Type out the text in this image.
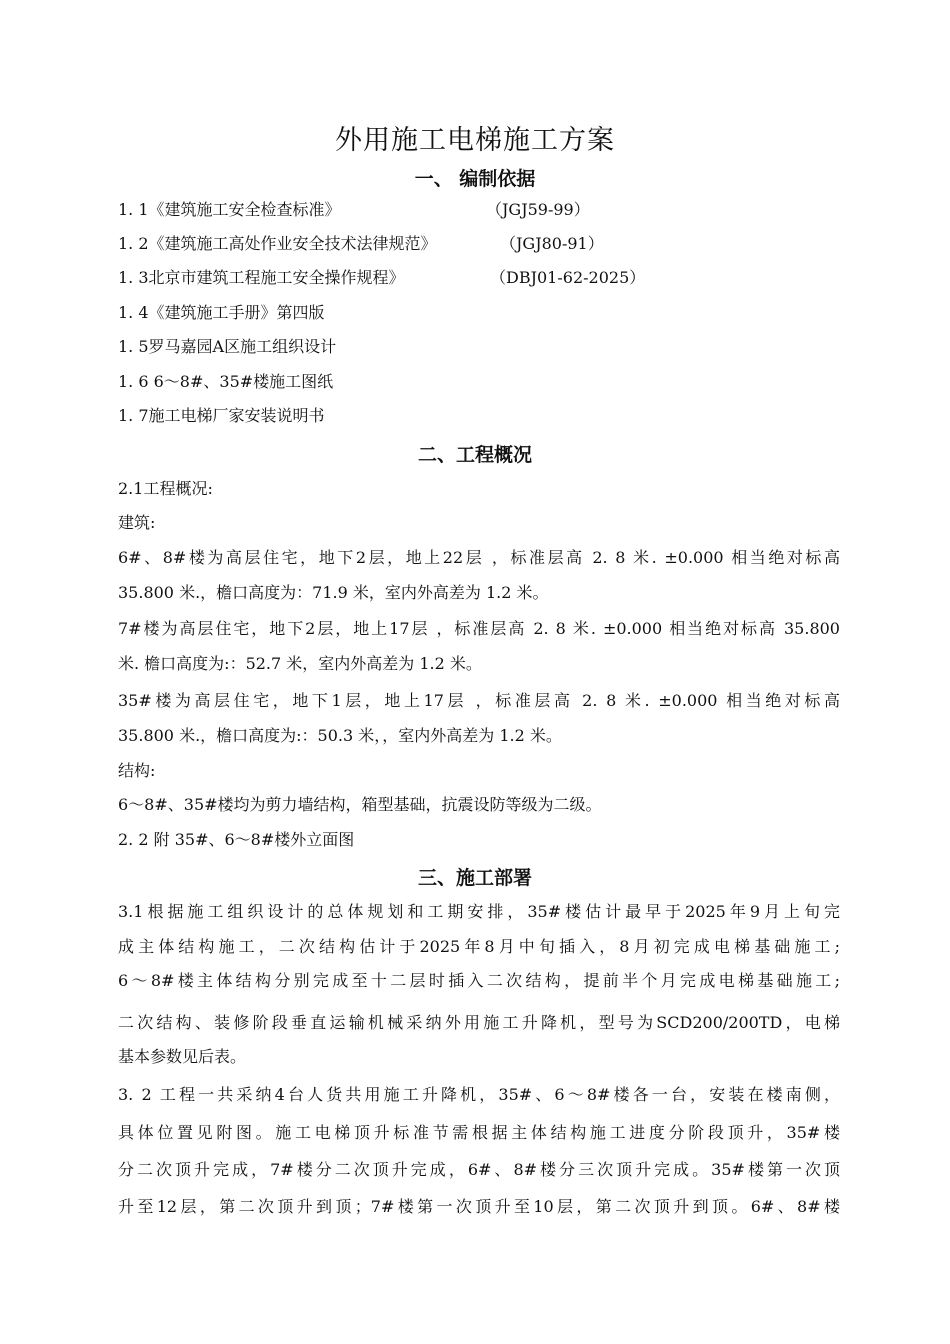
外用施工电梯施工方案
一、 编制依据
1. 1《建筑施工安全检查标准》	（JGJ59-99）
1. 2《建筑施工高处作业安全技术法律规范》	（JGJ80-91）
1. 3北京市建筑工程施工安全操作规程》	（DBJ01-62-2025）
1. 4《建筑施工手册》第四版
1. 5罗马嘉园A区施工组织设计
1. 6 6～8#、35#楼施工图纸
1. 7施工电梯厂家安装说明书
二、工程概况
2.1工程概况:
建筑:
6#、8#楼为高层住宅，地下2层，地上22层 ，标准层高 2. 8 米. ±0.000 相当绝对标高
35.800 米.，檐口高度为：71.9 米，室内外高差为 1.2 米。
7#楼为高层住宅，地下2层，地上17层 ，标准层高 2. 8 米. ±0.000 相当绝对标高 35.800
米. 檐口高度为:：52.7 米，室内外高差为 1.2 米。
35#楼为高层住宅，地下1层，地上17层 ，标准层高 2. 8 米. ±0.000 相当绝对标高
35.800 米.，檐口高度为:：50.3 米，，室内外高差为 1.2 米。
结构:
6～8#、35#楼均为剪力墙结构，箱型基础，抗震设防等级为二级。
2. 2 附 35#、6～8#楼外立面图
三、施工部署
3.1根据施工组织设计的总体规划和工期安排，35#楼估计最早于2025年9月上旬完
成主体结构施工，二次结构估计于2025年8月中旬插入，8月初完成电梯基础施工;
6～8#楼主体结构分别完成至十二层时插入二次结构，提前半个月完成电梯基础施工;
二次结构、装修阶段垂直运输机械采纳外用施工升降机，型号为SCD200/200TD，电梯
基本参数见后表。
3. 2 工程一共采纳4台人货共用施工升降机，35#、6～8#楼各一台，安装在楼南侧，
具体位置见附图。施工电梯顶升标准节需根据主体结构施工进度分阶段顶升，35#楼
分二次顶升完成，7#楼分二次顶升完成，6#、8#楼分三次顶升完成。35#楼第一次顶
升至12层，第二次顶升到顶；7#楼第一次顶升至10层，第二次顶升到顶。6#、8#楼
